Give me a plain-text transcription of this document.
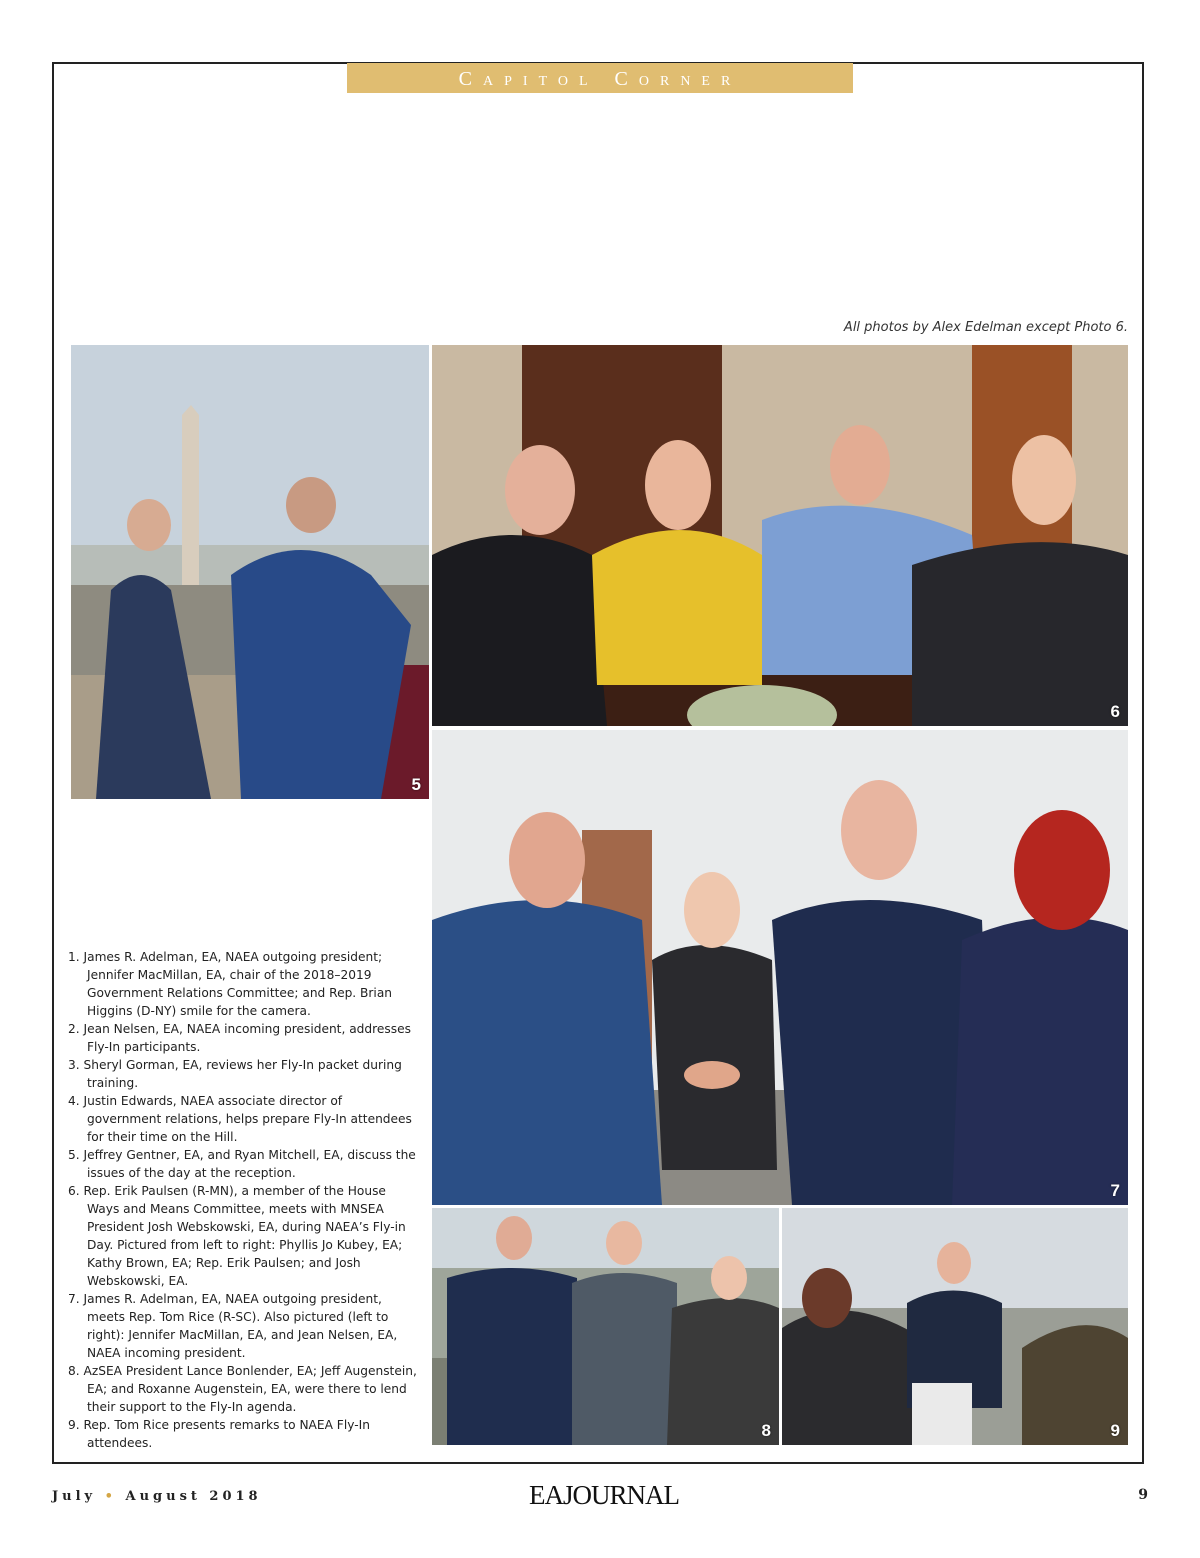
Capitol Corner
All photos by Alex Edelman except Photo 6.
5
6
7
8	9
1. James R. Adelman, EA, NAEA outgoing president; Jennifer MacMillan, EA, chair of the 2018–2019 Government Relations Committee; and Rep. Brian Higgins (D-NY) smile for the camera.
2. Jean Nelsen, EA, NAEA incoming president, addresses Fly-In participants.
3. Sheryl Gorman, EA, reviews her Fly-In packet during training.
4. Justin Edwards, NAEA associate director of government relations, helps prepare Fly-In attendees for their time on the Hill.
5. Jeffrey Gentner, EA, and Ryan Mitchell, EA, discuss the issues of the day at the reception.
6. Rep. Erik Paulsen (R-MN), a member of the House Ways and Means Committee, meets with MNSEA President Josh Webskowski, EA, during NAEA’s Fly-in Day. Pictured from left to right: Phyllis Jo Kubey, EA; Kathy Brown, EA; Rep. Erik Paulsen; and Josh Webskowski, EA.
7. James R. Adelman, EA, NAEA outgoing president, meets Rep. Tom Rice (R-SC). Also pictured (left to right): Jennifer MacMillan, EA, and Jean Nelsen, EA, NAEA incoming president.
8. AzSEA President Lance Bonlender, EA; Jeff Augenstein, EA; and Roxanne Augenstein, EA, were there to lend their support to the Fly-In agenda.
9. Rep. Tom Rice presents remarks to NAEA Fly-In attendees.
July • August 2018	EAJOURNAL	9
